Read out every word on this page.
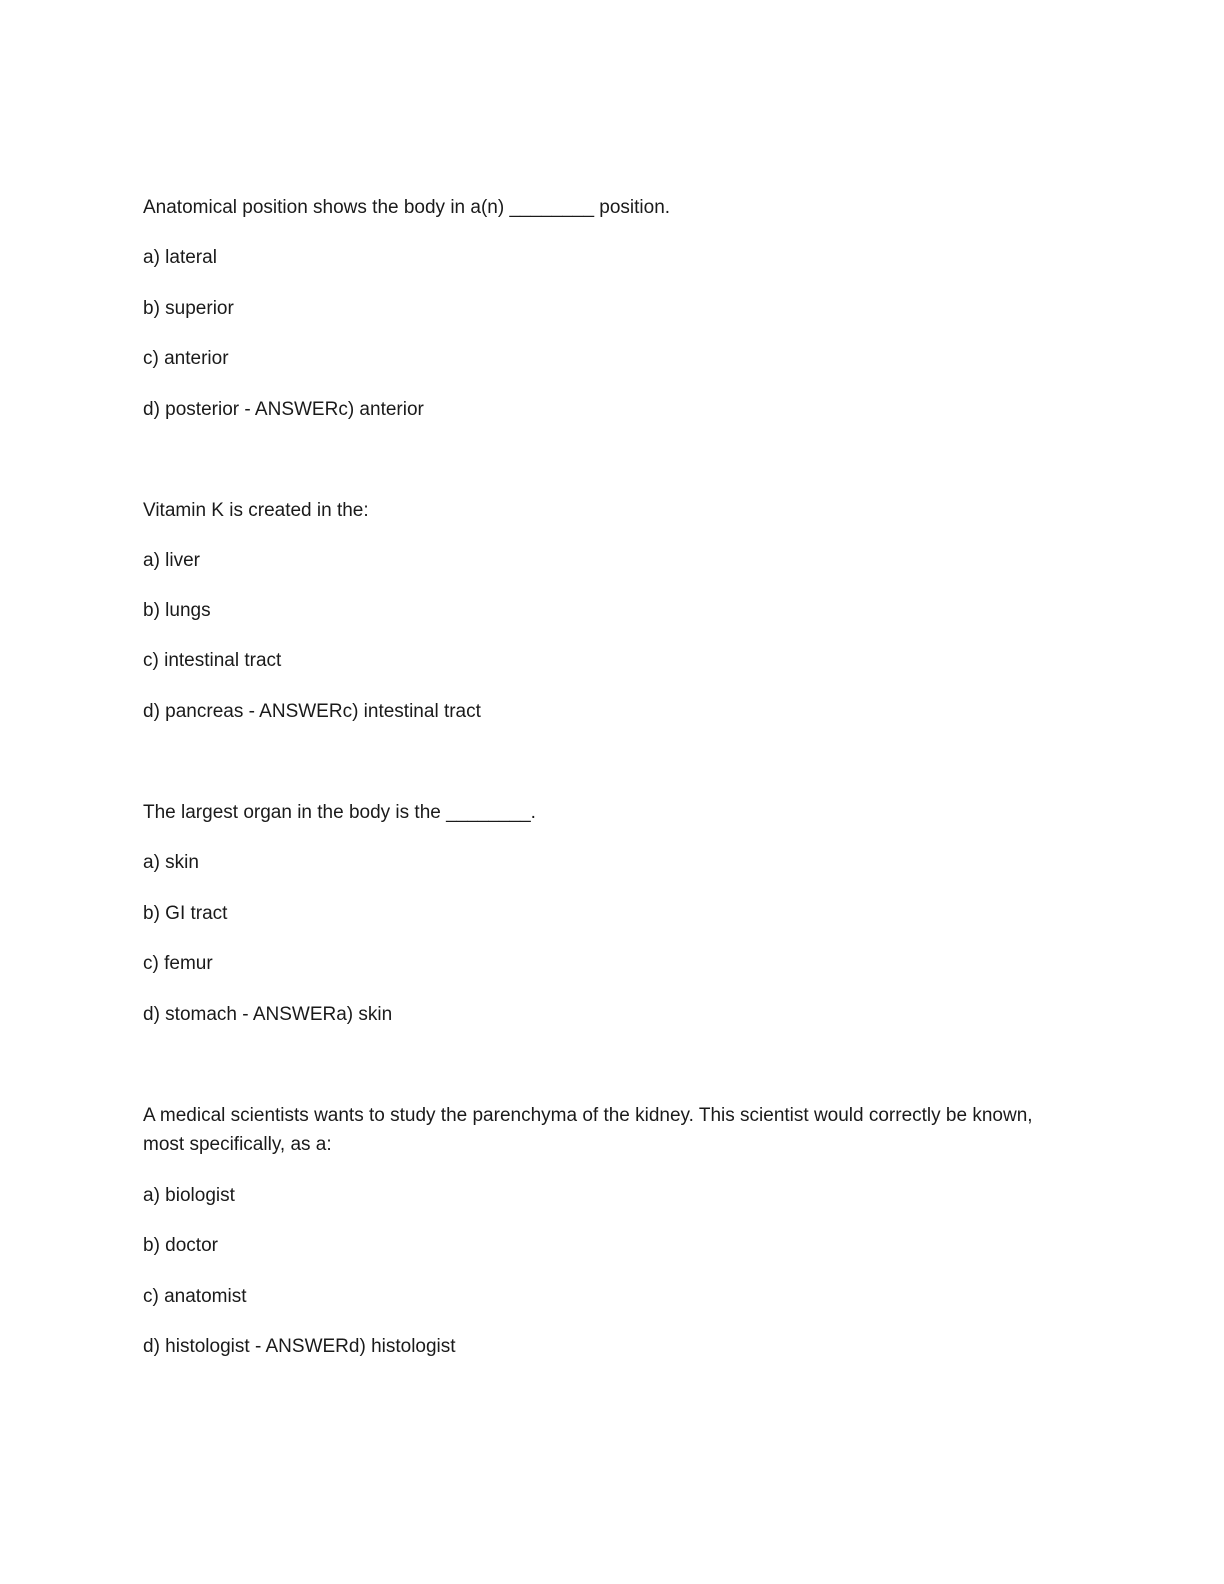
Anatomical position shows the body in a(n) ________ position.
a) lateral
b) superior
c) anterior
d) posterior - ANSWERc) anterior
Vitamin K is created in the:
a) liver
b) lungs
c) intestinal tract
d) pancreas - ANSWERc) intestinal tract
The largest organ in the body is the ________.
a) skin
b) GI tract
c) femur
d) stomach - ANSWERa) skin
A medical scientists wants to study the parenchyma of the kidney. This scientist would correctly be known, most specifically, as a:
a) biologist
b) doctor
c) anatomist
d) histologist - ANSWERd) histologist
